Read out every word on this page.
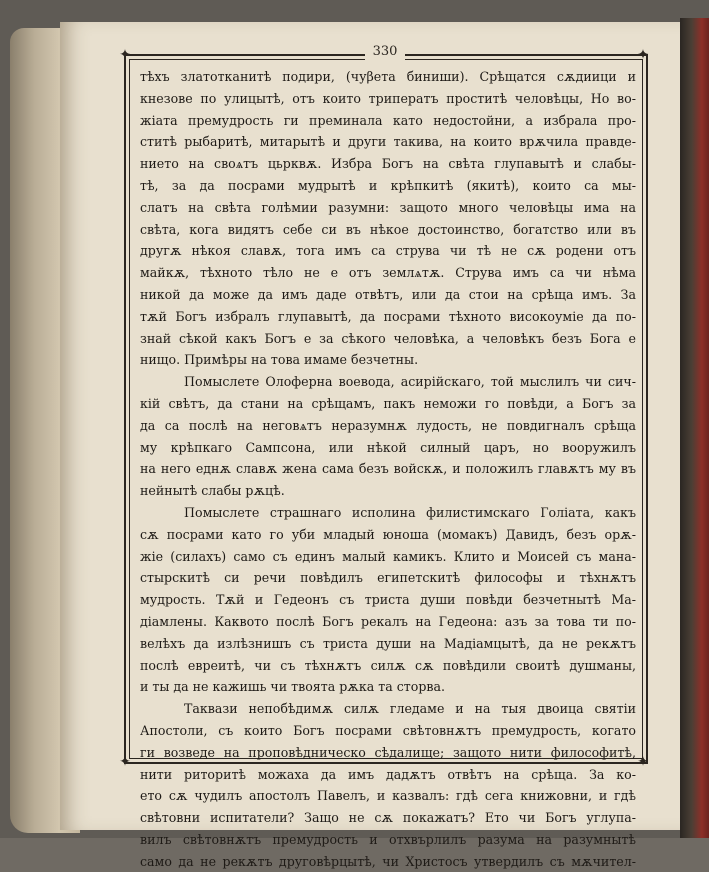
✦	✦
✦	✦
330
тѣхъ златотканитѣ подири, (чуβета биниши). Срѣщатся сѫдиици и
кнезове по улицытѣ, отъ които триператъ проститѣ человѣцы, Но во-
жіата премудрость ги преминала като недостойни, а избрала про-
ститѣ рыбаритѣ, митарытѣ и други такива, на които врѫчила правде-
нието на своѧтъ цьрквѫ. Избра Богъ на свѣта глупавытѣ и слабы-
тѣ, за да посрами мудрытѣ и крѣпкитѣ (якитѣ), които са мы-
слатъ на свѣта голѣмии разумни: защото много человѣцы има на
свѣта, кога видятъ себе си въ нѣкое достоинство, богатство или въ
другѫ нѣкоя славѫ, тога имъ са струва чи тѣ не сѫ родени отъ
майкѫ, тѣхното тѣло не е отъ землѧтѫ. Струва имъ са чи нѣма
никой да може да имъ даде отвѣтъ, или да стои на срѣща имъ. За
тѫй Богъ избралъ глупавытѣ, да посрами тѣхното високоуміе да по-
знай сѣкой какъ Богъ е за сѣкого человѣка, а человѣкъ безъ Бога е
нищо. Примѣры на това имаме безчетны.
Помыслете Олоферна воевода, асирійскаго, той мыслилъ чи сич-
кій свѣтъ, да стани на срѣщамъ, пакъ неможи го повѣди, а Богъ за
да са послѣ на неговѧтъ неразумнѫ лудость, не повдигналъ срѣща
му крѣпкаго Сампсона, или нѣкой силный царъ, но вооружилъ
на него еднѫ славѫ жена сама безъ войскѫ, и положилъ главѫтъ му въ
нейнытѣ слабы рѫцѣ.
Помыслете страшнаго исполина филистимскаго Голіата, какъ
сѫ посрами като го уби младый юноша (момакъ) Давидъ, безъ орѫ-
жіе (силахъ) само съ единъ малый камикъ. Клито и Моисей съ мана-
стырскитѣ си речи повѣдилъ египетскитѣ философы и тѣхнѫтъ
мудрость. Тѫй и Гедеонъ съ триста души повѣди безчетнытѣ Ма-
діамлены. Каквото послѣ Богъ рекалъ на Гедеона: азъ за това ти по-
велѣхъ да излѣзнишъ съ триста души на Мадіамцытѣ, да не рекѫтъ
послѣ евреитѣ, чи съ тѣхнѫтъ силѫ сѫ повѣдили своитѣ душманы,
и ты да не кажишь чи твоята рѫка та сторва.
Таквази непобѣдимѫ силѫ гледаме и на тыя двоица святіи
Апостоли, съ които Богъ посрами свѣтовнѫтъ премудрость, когато
ги возведе на проповѣдническо сѣдалище; защото нити философитѣ,
нити риторитѣ можаха да имъ дадѫтъ отвѣтъ на срѣща. За ко-
ето сѫ чудилъ апостолъ Павелъ, и казвалъ: гдѣ сега книжовни, и гдѣ
свѣтовни испитатели? Защо не сѫ покажатъ? Ето чи Богъ углупа-
вилъ свѣтовнѫтъ премудрость и отхвърлилъ разума на разумнытѣ
само да не рекѫтъ друговѣрцытѣ, чи Христосъ утвердилъ съ мѫчител-
